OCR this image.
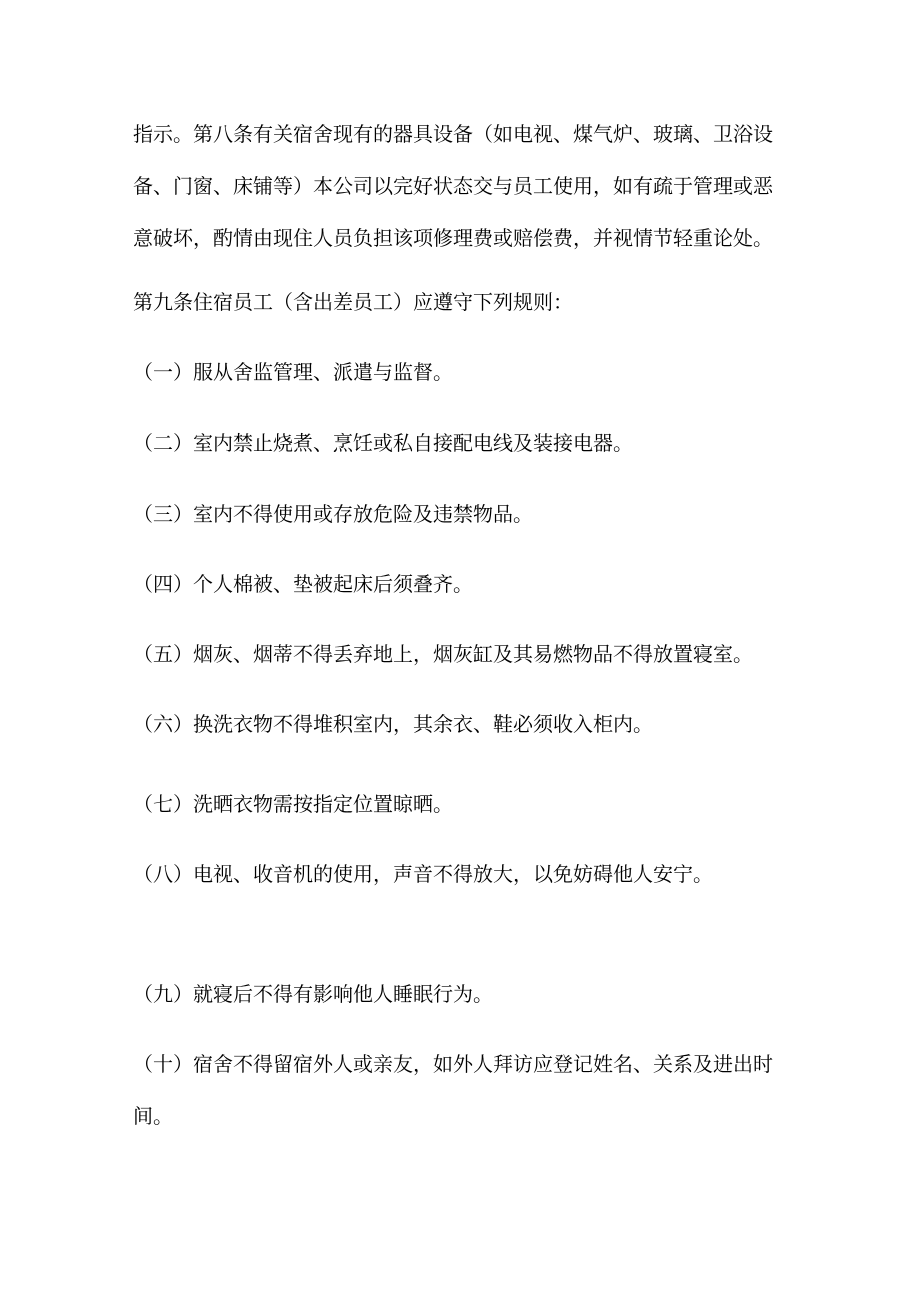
指示。第八条有关宿舍现有的器具设备（如电视、煤气炉、玻璃、卫浴设
备、门窗、床铺等）本公司以完好状态交与员工使用，如有疏于管理或恶
意破坏，酌情由现住人员负担该项修理费或赔偿费，并视情节轻重论处。

第九条住宿员工（含出差员工）应遵守下列规则：

（一）服从舍监管理、派遣与监督。

（二）室内禁止烧煮、烹饪或私自接配电线及装接电器。

（三）室内不得使用或存放危险及违禁物品。

（四）个人棉被、垫被起床后须叠齐。

（五）烟灰、烟蒂不得丢弃地上，烟灰缸及其易燃物品不得放置寝室。

（六）换洗衣物不得堆积室内，其余衣、鞋必须收入柜内。

（七）洗晒衣物需按指定位置晾晒。

（八）电视、收音机的使用，声音不得放大，以免妨碍他人安宁。

（九）就寝后不得有影响他人睡眠行为。

（十）宿舍不得留宿外人或亲友，如外人拜访应登记姓名、关系及进出时
间。
